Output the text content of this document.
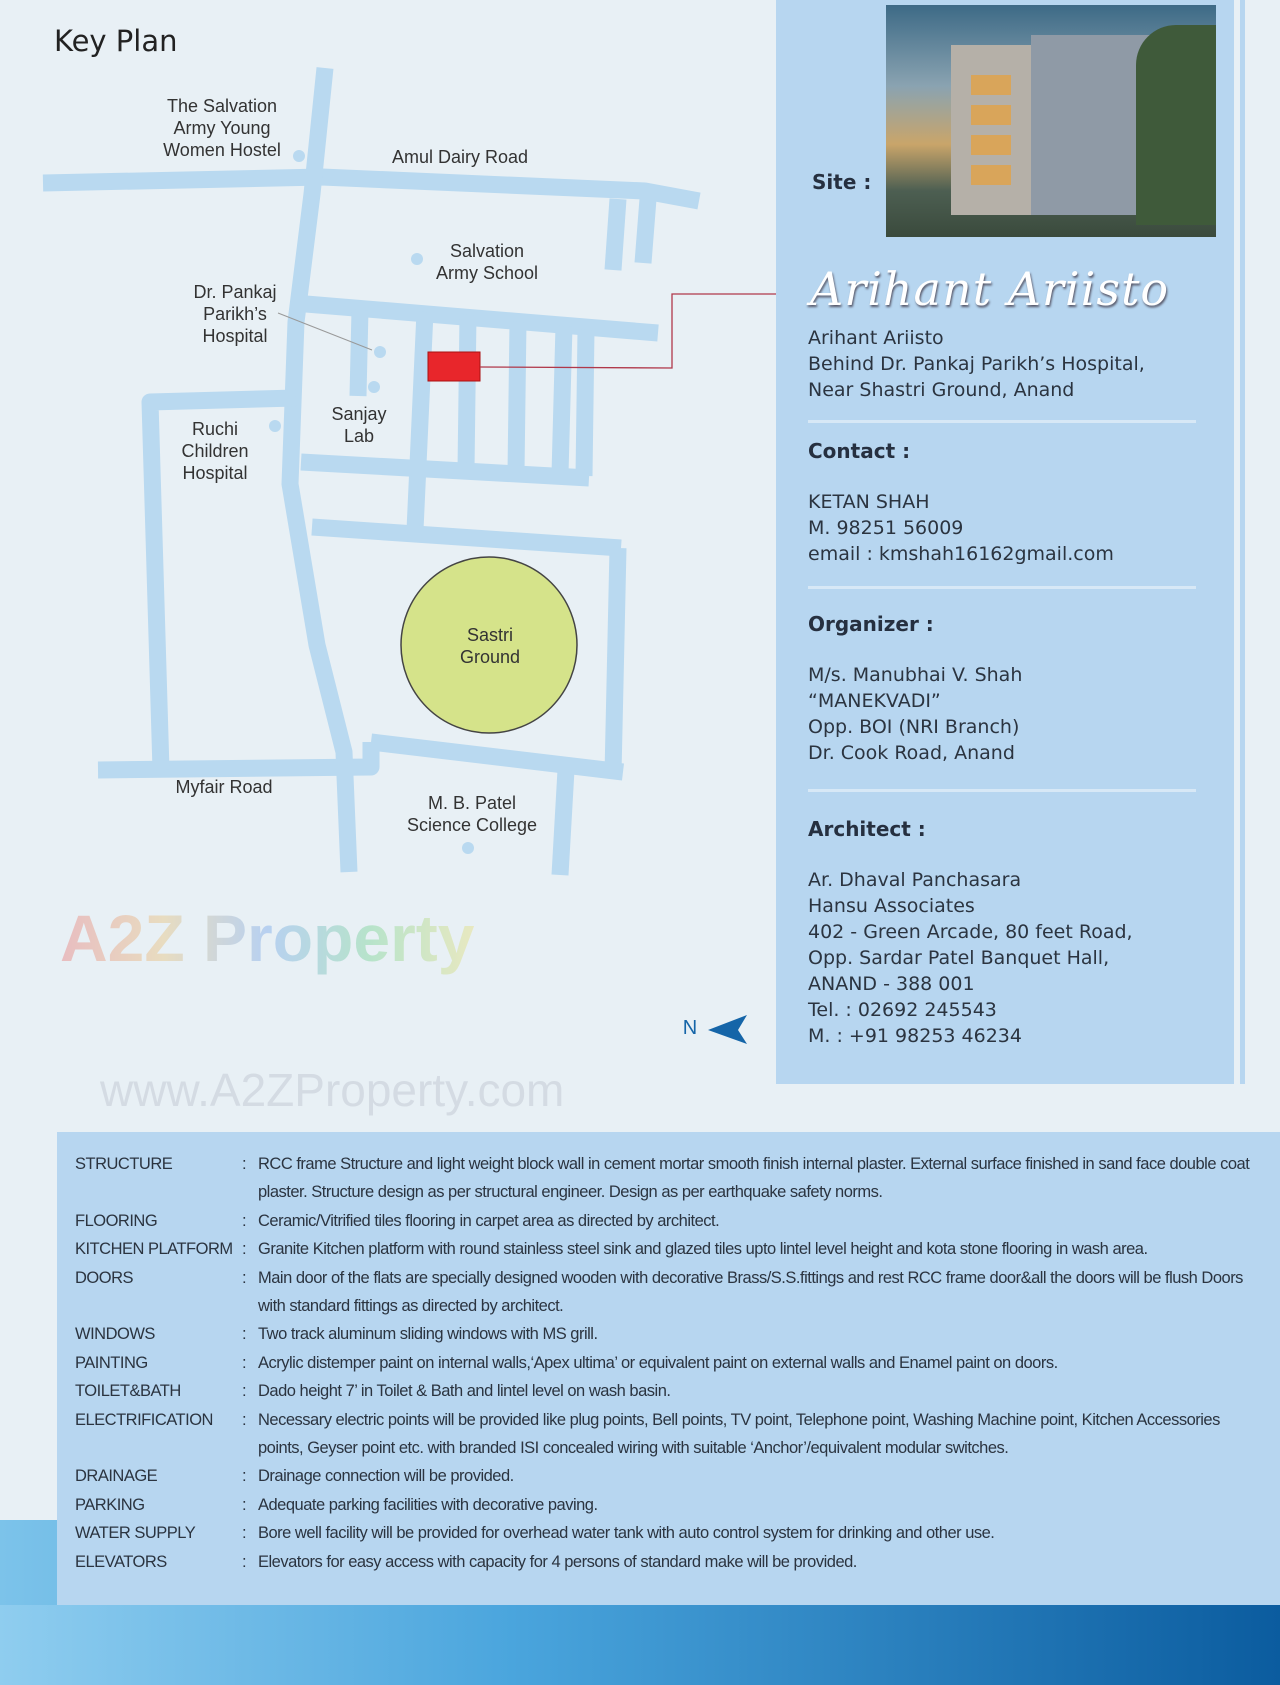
Key Plan
The Salvation
Army Young
Women Hostel	Amul Dairy Road
Salvation
Army School
Dr. Pankaj
Parikh’s
Hospital
Sanjay
Lab
Ruchi
Children
Hospital
Sastri
Ground
Myfair Road
M. B. Patel
Science College
N
www.A2ZProperty.com
Site :
Arihant Ariisto
Arihant Ariisto
Behind Dr. Pankaj Parikh’s Hospital,
Near Shastri Ground, Anand
Contact :
KETAN SHAH
M. 98251 56009
email : kmshah16162gmail.com
A2Z Property
Organizer :
M/s. Manubhai V. Shah
“MANEKVADI”
Opp. BOI (NRI Branch)
Dr. Cook Road, Anand
Architect :
Ar. Dhaval Panchasara
Hansu Associates
402 - Green Arcade, 80 feet Road,
Opp. Sardar Patel Banquet Hall,
ANAND - 388 001
Tel. : 02692 245543
M. : +91 98253 46234
STRUCTURE	: RCC frame Structure and light weight block wall in cement mortar smooth finish internal plaster. External surface finished in sand face double coat plaster. Structure design as per structural engineer. Design as per earthquake safety norms.
FLOORING	: Ceramic/Vitrified tiles flooring in carpet area as directed by architect.
KITCHEN PLATFORM : Granite Kitchen platform with round stainless steel sink and glazed tiles upto lintel level height and kota stone flooring in wash area.
DOORS	: Main door of the flats are specially designed wooden with decorative Brass/S.S.fittings and rest RCC frame door&all the doors will be flush Doors with standard fittings as directed by architect.
WINDOWS	: Two track aluminum sliding windows with MS grill.
PAINTING	: Acrylic distemper paint on internal walls,‘Apex ultima’ or equivalent paint on external walls and Enamel paint on doors.
TOILET&BATH	: Dado height 7’ in Toilet & Bath and lintel level on wash basin.
ELECTRIFICATION	: Necessary electric points will be provided like plug points, Bell points, TV point, Telephone point, Washing Machine point, Kitchen Accessories points, Geyser point etc. with branded ISI concealed wiring with suitable ‘Anchor’/equivalent modular switches.
DRAINAGE	: Drainage connection will be provided.
PARKING	: Adequate parking facilities with decorative paving.
WATER SUPPLY	: Bore well facility will be provided for overhead water tank with auto control system for drinking and other use.
ELEVATORS	: Elevators for easy access with capacity for 4 persons of standard make will be provided.
